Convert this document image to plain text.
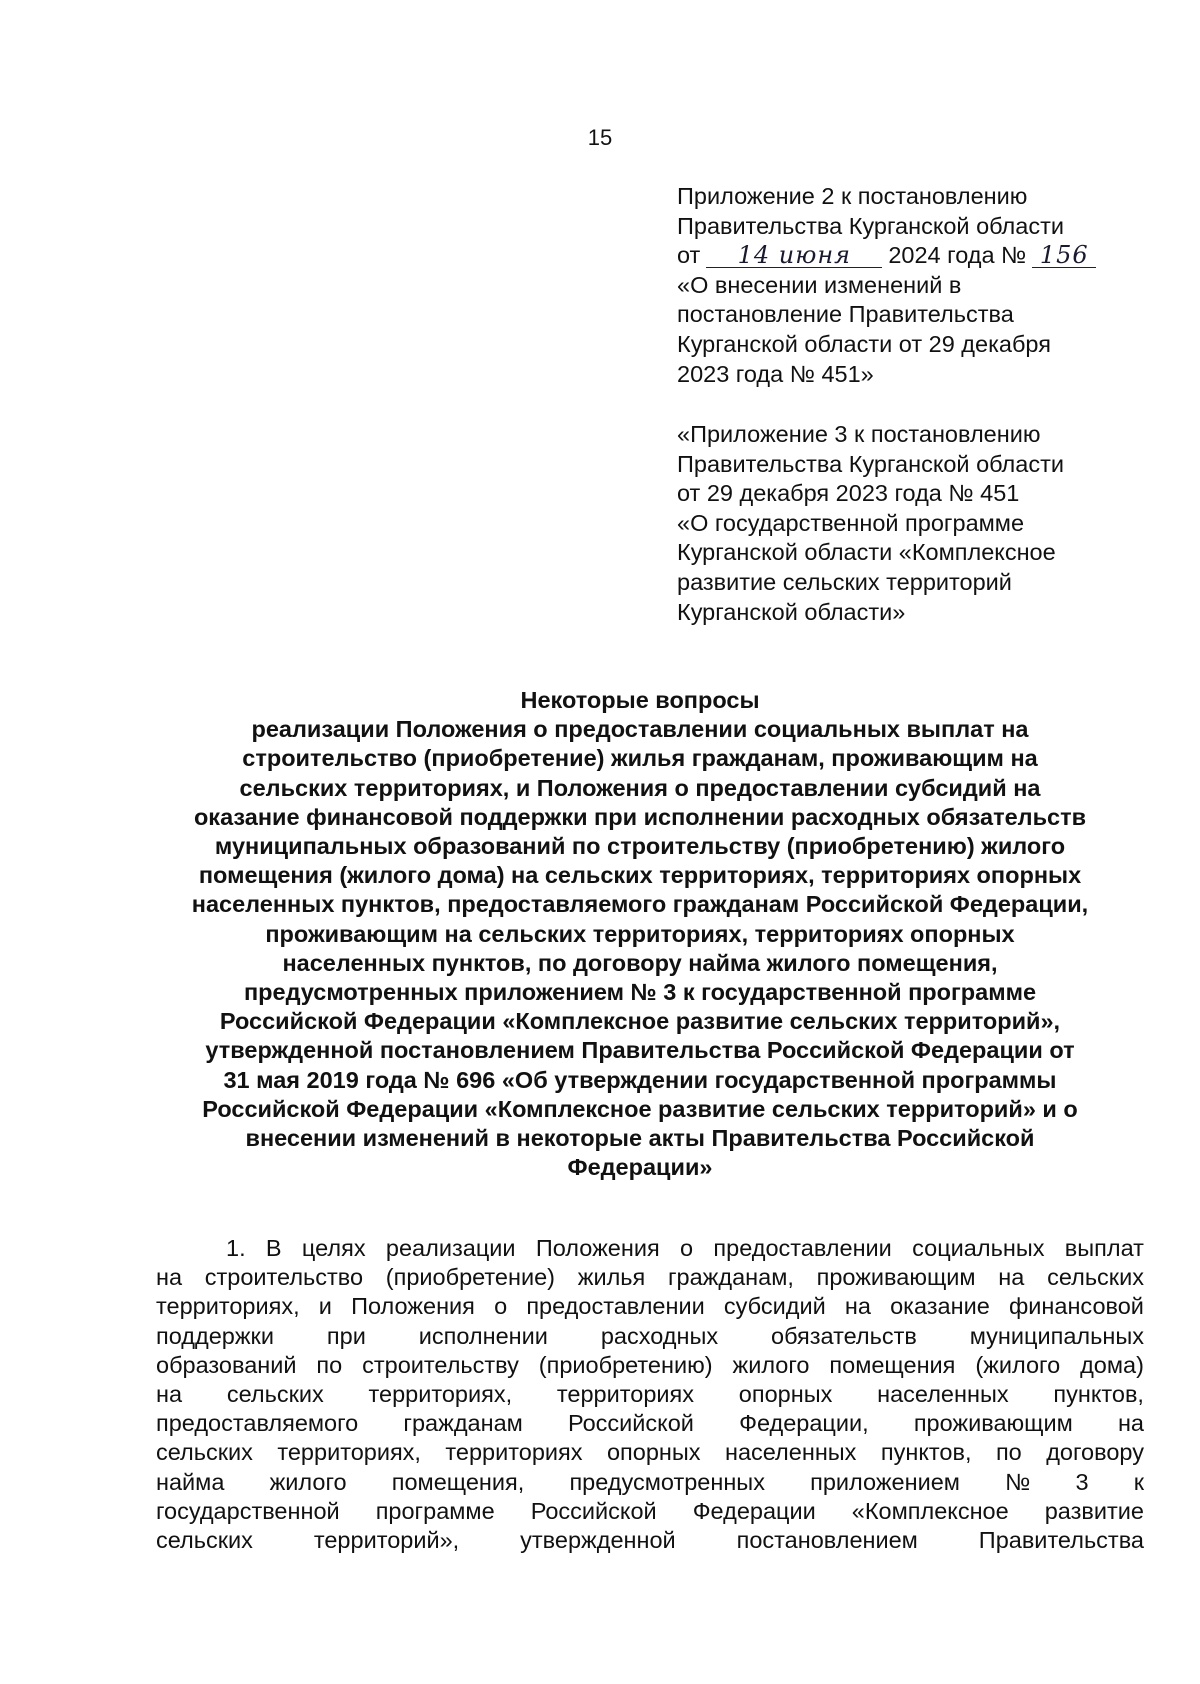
15
Приложение 2 к постановлению
Правительства Курганской области
от 14 июня 2024 года № 156
«О внесении изменений в
постановление Правительства
Курганской области от 29 декабря
2023 года № 451»
«Приложение 3 к постановлению
Правительства Курганской области
от 29 декабря 2023 года № 451
«О государственной программе
Курганской области «Комплексное
развитие сельских территорий
Курганской области»
Некоторые вопросы
реализации Положения о предоставлении социальных выплат на
строительство (приобретение) жилья гражданам, проживающим на
сельских территориях, и Положения о предоставлении субсидий на
оказание финансовой поддержки при исполнении расходных обязательств
муниципальных образований по строительству (приобретению) жилого
помещения (жилого дома) на сельских территориях, территориях опорных
населенных пунктов, предоставляемого гражданам Российской Федерации,
проживающим на сельских территориях, территориях опорных
населенных пунктов, по договору найма жилого помещения,
предусмотренных приложением № 3 к государственной программе
Российской Федерации «Комплексное развитие сельских территорий»,
утвержденной постановлением Правительства Российской Федерации от
31 мая 2019 года № 696 «Об утверждении государственной программы
Российской Федерации «Комплексное развитие сельских территорий» и о
внесении изменений в некоторые акты Правительства Российской
Федерации»
1. В целях реализации Положения о предоставлении социальных выплат
на строительство (приобретение) жилья гражданам, проживающим на сельских
территориях, и Положения о предоставлении субсидий на оказание финансовой
поддержки при исполнении расходных обязательств муниципальных
образований по строительству (приобретению) жилого помещения (жилого дома)
на сельских территориях, территориях опорных населенных пунктов,
предоставляемого гражданам Российской Федерации, проживающим на
сельских территориях, территориях опорных населенных пунктов, по договору
найма жилого помещения, предусмотренных приложением № 3 к
государственной программе Российской Федерации «Комплексное развитие
сельских	территорий»,	утвержденной	постановлением	Правительства
